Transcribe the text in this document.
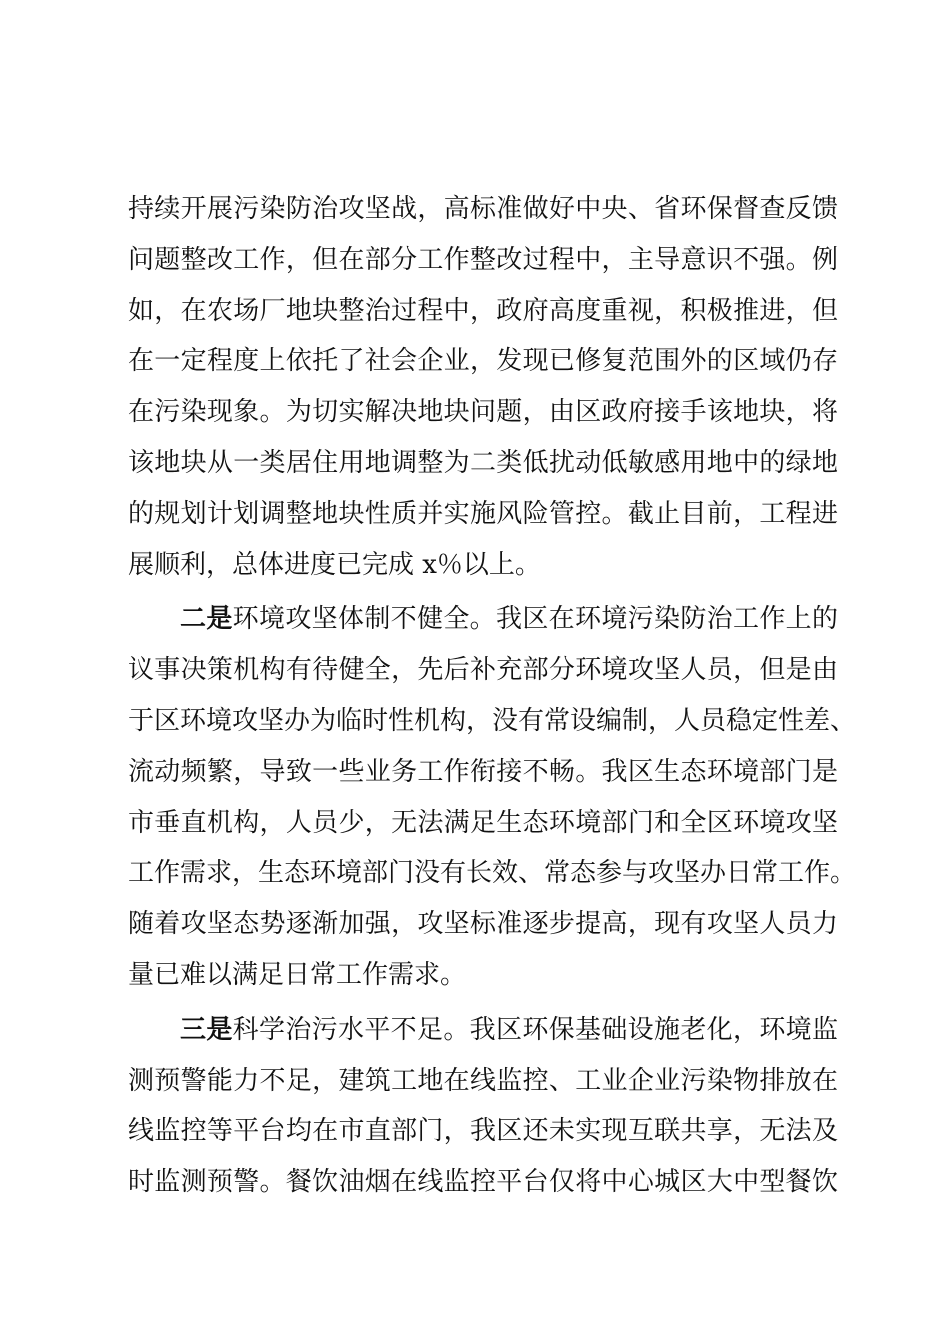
持续开展污染防治攻坚战，高标准做好中央、省环保督查反馈
问题整改工作，但在部分工作整改过程中，主导意识不强。例
如，在农场厂地块整治过程中，政府高度重视，积极推进，但
在一定程度上依托了社会企业，发现已修复范围外的区域仍存
在污染现象。为切实解决地块问题，由区政府接手该地块，将
该地块从一类居住用地调整为二类低扰动低敏感用地中的绿地
的规划计划调整地块性质并实施风险管控。截止目前，工程进
展顺利，总体进度已完成 x％以上。
二是环境攻坚体制不健全。我区在环境污染防治工作上的
议事决策机构有待健全，先后补充部分环境攻坚人员，但是由
于区环境攻坚办为临时性机构，没有常设编制，人员稳定性差、
流动频繁，导致一些业务工作衔接不畅。我区生态环境部门是
市垂直机构，人员少，无法满足生态环境部门和全区环境攻坚
工作需求，生态环境部门没有长效、常态参与攻坚办日常工作。
随着攻坚态势逐渐加强，攻坚标准逐步提高，现有攻坚人员力
量已难以满足日常工作需求。
三是科学治污水平不足。我区环保基础设施老化，环境监
测预警能力不足，建筑工地在线监控、工业企业污染物排放在
线监控等平台均在市直部门，我区还未实现互联共享，无法及
时监测预警。餐饮油烟在线监控平台仅将中心城区大中型餐饮
